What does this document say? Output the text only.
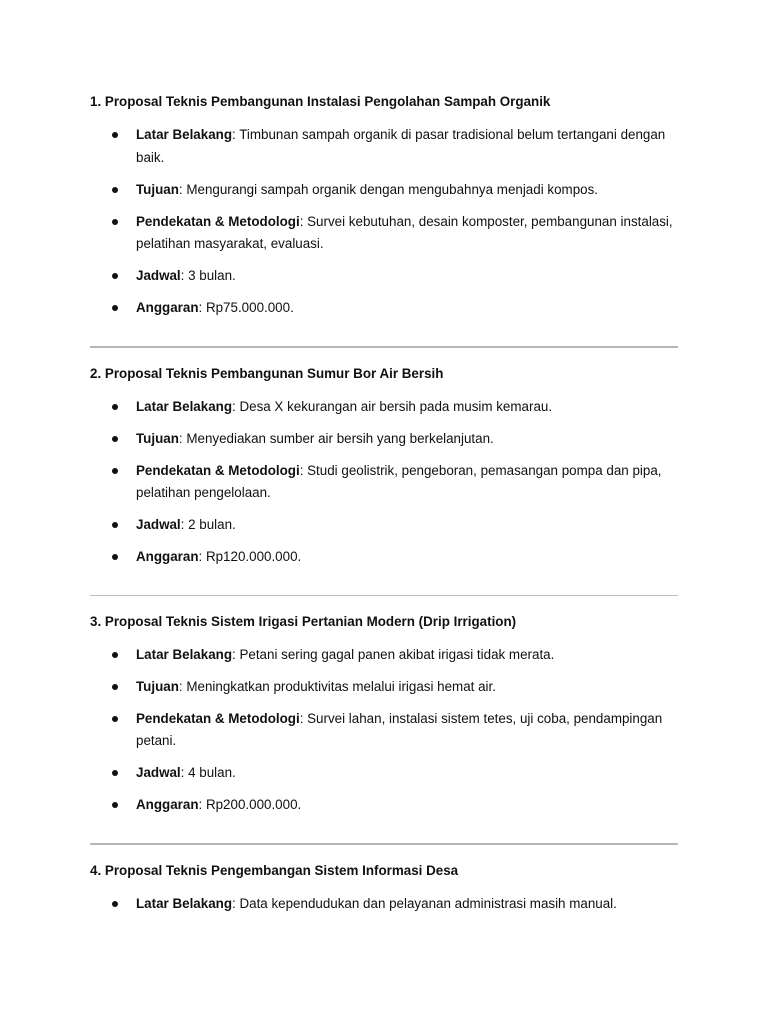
1. Proposal Teknis Pembangunan Instalasi Pengolahan Sampah Organik
Latar Belakang: Timbunan sampah organik di pasar tradisional belum tertangani dengan baik.
Tujuan: Mengurangi sampah organik dengan mengubahnya menjadi kompos.
Pendekatan & Metodologi: Survei kebutuhan, desain komposter, pembangunan instalasi, pelatihan masyarakat, evaluasi.
Jadwal: 3 bulan.
Anggaran: Rp75.000.000.
2. Proposal Teknis Pembangunan Sumur Bor Air Bersih
Latar Belakang: Desa X kekurangan air bersih pada musim kemarau.
Tujuan: Menyediakan sumber air bersih yang berkelanjutan.
Pendekatan & Metodologi: Studi geolistrik, pengeboran, pemasangan pompa dan pipa, pelatihan pengelolaan.
Jadwal: 2 bulan.
Anggaran: Rp120.000.000.
3. Proposal Teknis Sistem Irigasi Pertanian Modern (Drip Irrigation)
Latar Belakang: Petani sering gagal panen akibat irigasi tidak merata.
Tujuan: Meningkatkan produktivitas melalui irigasi hemat air.
Pendekatan & Metodologi: Survei lahan, instalasi sistem tetes, uji coba, pendampingan petani.
Jadwal: 4 bulan.
Anggaran: Rp200.000.000.
4. Proposal Teknis Pengembangan Sistem Informasi Desa
Latar Belakang: Data kependudukan dan pelayanan administrasi masih manual.
